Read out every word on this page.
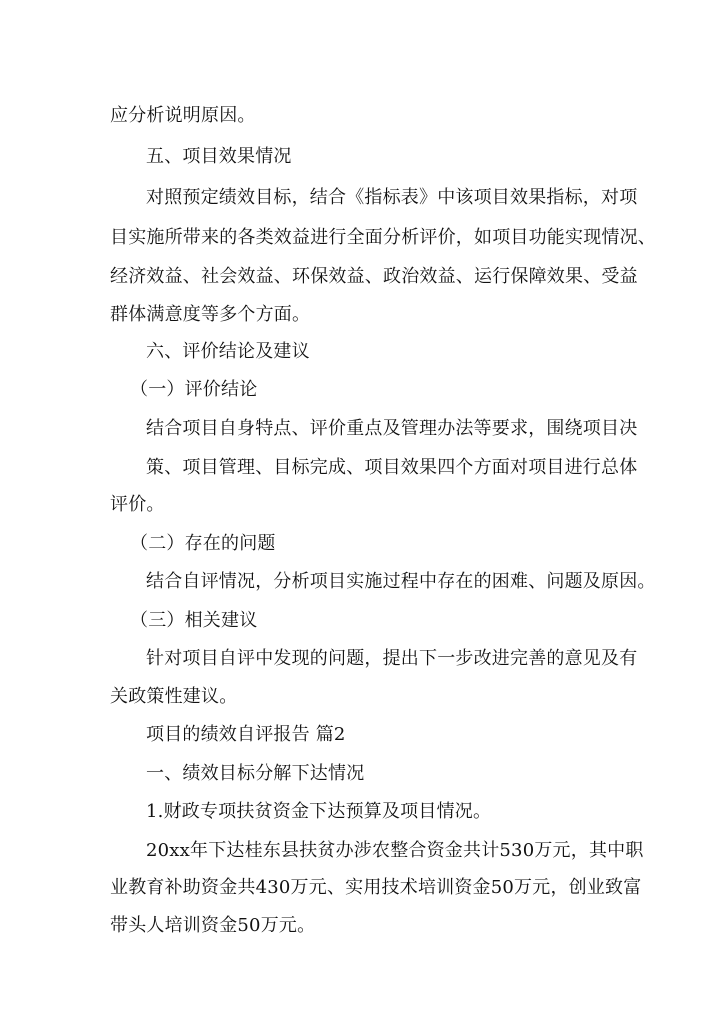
应分析说明原因。
五、项目效果情况
对照预定绩效目标，结合《指标表》中该项目效果指标，对项
目实施所带来的各类效益进行全面分析评价，如项目功能实现情况、
经济效益、社会效益、环保效益、政治效益、运行保障效果、受益
群体满意度等多个方面。
六、评价结论及建议
（一）评价结论
结合项目自身特点、评价重点及管理办法等要求，围绕项目决
策、项目管理、目标完成、项目效果四个方面对项目进行总体
评价。
（二）存在的问题
结合自评情况，分析项目实施过程中存在的困难、问题及原因。
（三）相关建议
针对项目自评中发现的问题，提出下一步改进完善的意见及有
关政策性建议。
项目的绩效自评报告 篇2
一、绩效目标分解下达情况
1.财政专项扶贫资金下达预算及项目情况。
20xx年下达桂东县扶贫办涉农整合资金共计530万元，其中职
业教育补助资金共430万元、实用技术培训资金50万元，创业致富
带头人培训资金50万元。
